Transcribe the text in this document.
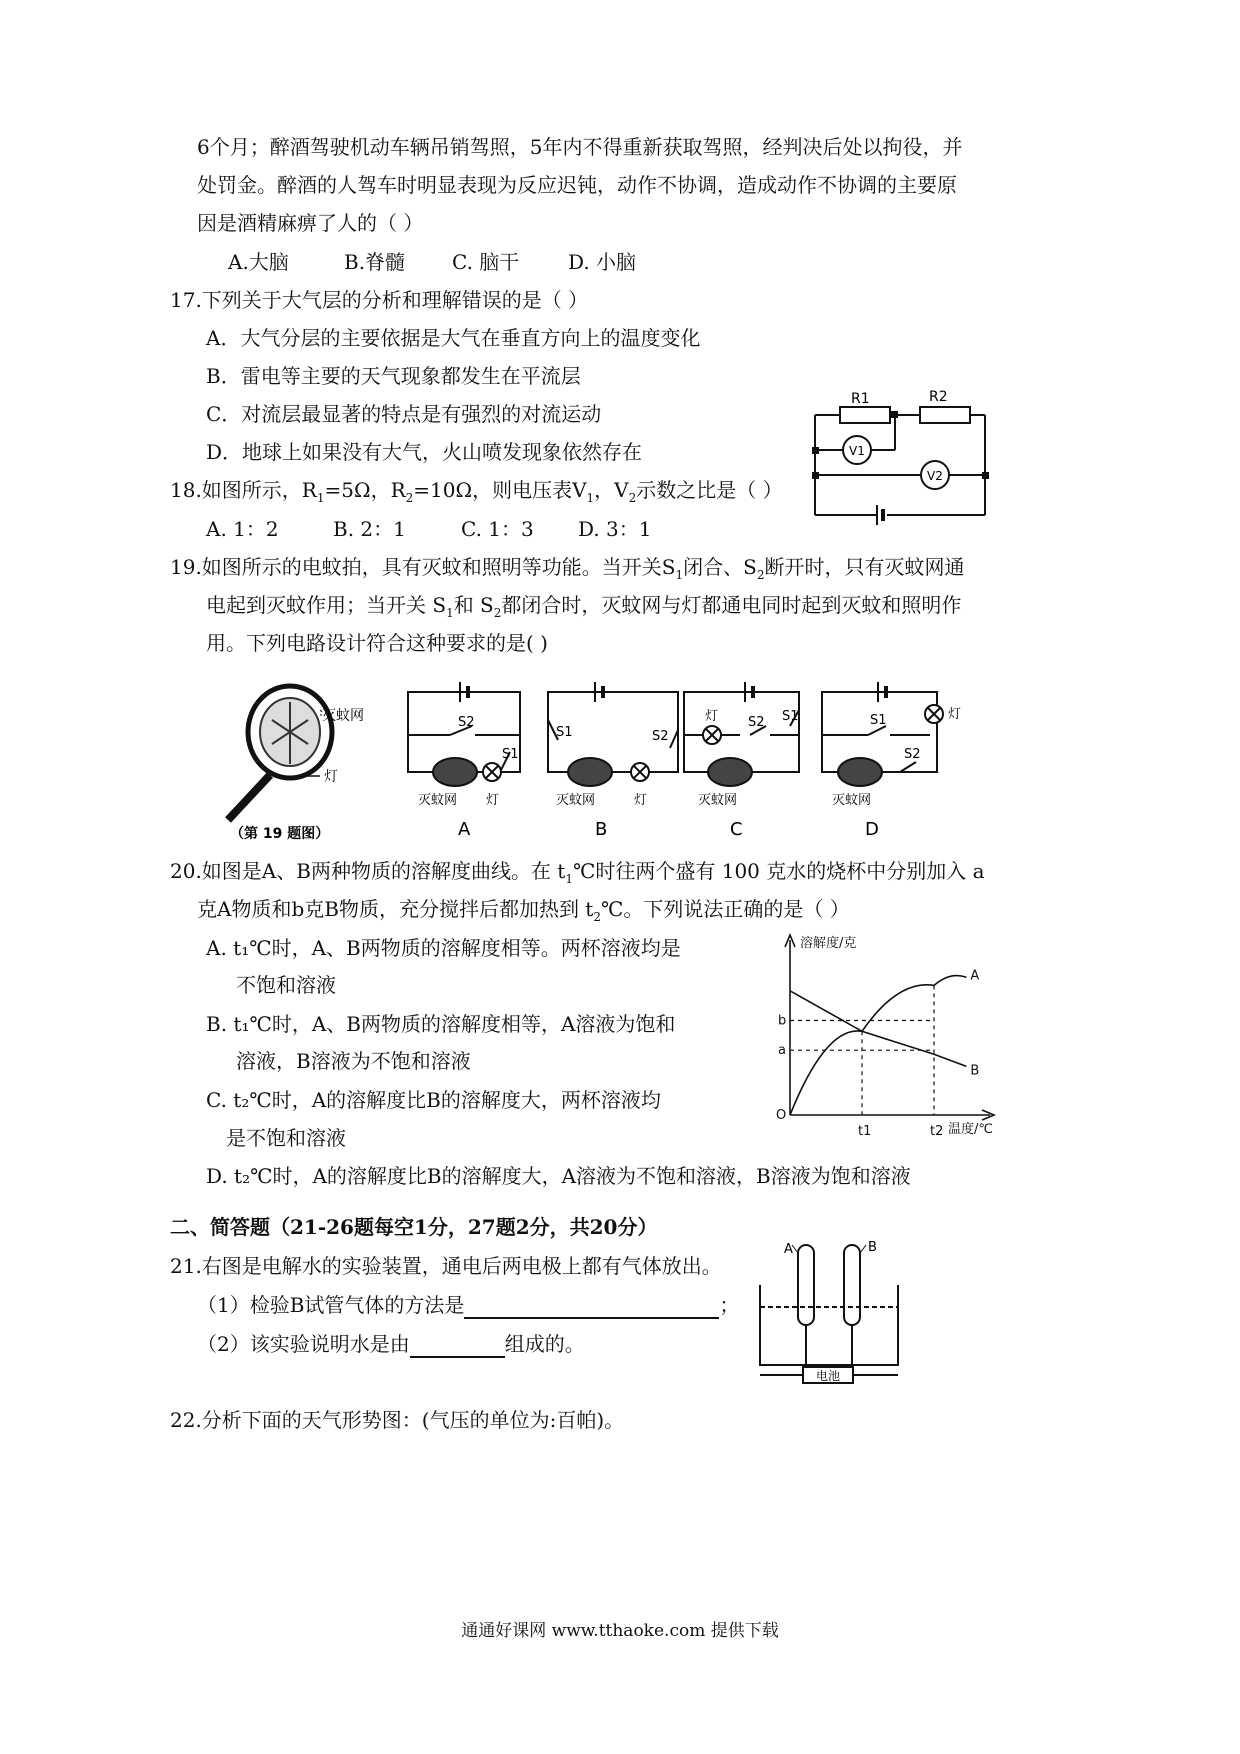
6个月；醉酒驾驶机动车辆吊销驾照，5年内不得重新获取驾照，经判决后处以拘役，并
处罚金。醉酒的人驾车时明显表现为反应迟钝，动作不协调，造成动作不协调的主要原
因是酒精麻痹了人的（ ）
A.大脑	B.脊髓 C. 脑干 D. 小脑
17.下列关于大气层的分析和理解错误的是（ ）
A．大气分层的主要依据是大气在垂直方向上的温度变化
B．雷电等主要的天气现象都发生在平流层
C．对流层最显著的特点是有强烈的对流运动
D．地球上如果没有大气，火山喷发现象依然存在
18.如图所示，$R_1=5\Omega$，$R_2=10\Omega$，则电压表$V_1$，$V_2$示数之比是（ ）
A. 1：2	B. 2：1	C. 1：3 D. 3：1
R1	R2
V1
V2
19.如图所示的电蚊拍，具有灭蚊和照明等功能。当开关$S_1$闭合、$S_2$断开时，只有灭蚊网通
电起到灭蚊作用；当开关 $S_1$和 $S_2$都闭合时，灭蚊网与灯都通电同时起到灭蚊和照明作
用。下列电路设计符合这种要求的是( )
灭蚊网
灯
（第 19 题图）
S2
S1
S1	S2
灯 S2 S1	S1
S2
灯
灭蚊网 灯	灭蚊网	灯	灭蚊网	灭蚊网
A	B	C	D
20.如图是A、B两种物质的溶解度曲线。在 $t_1℃$时往两个盛有 100 克水的烧杯中分别加入 a
克A物质和b克B物质，充分搅拌后都加热到 $t_2℃$。下列说法正确的是（ ）
A. t₁℃时，A、B两物质的溶解度相等。两杯溶液均是
不饱和溶液
B. t₁℃时，A、B两物质的溶解度相等，A溶液为饱和
溶液，B溶液为不饱和溶液
C. t₂℃时，A的溶解度比B的溶解度大，两杯溶液均
是不饱和溶液
D. t₂℃时，A的溶解度比B的溶解度大，A溶液为不饱和溶液，B溶液为饱和溶液
A
B
溶解度/克
温度/℃
O
b
a
t1	t2
二、简答题（21-26题每空1分，27题2分，共20分）
21.右图是电解水的实验装置，通电后两电极上都有气体放出。
（1）检验B试管气体的方法是	；
（2）该实验说明水是由	组成的。
A	B
电池
22.分析下面的天气形势图：(气压的单位为:百帕)。
通通好课网 www.tthaoke.com 提供下载
